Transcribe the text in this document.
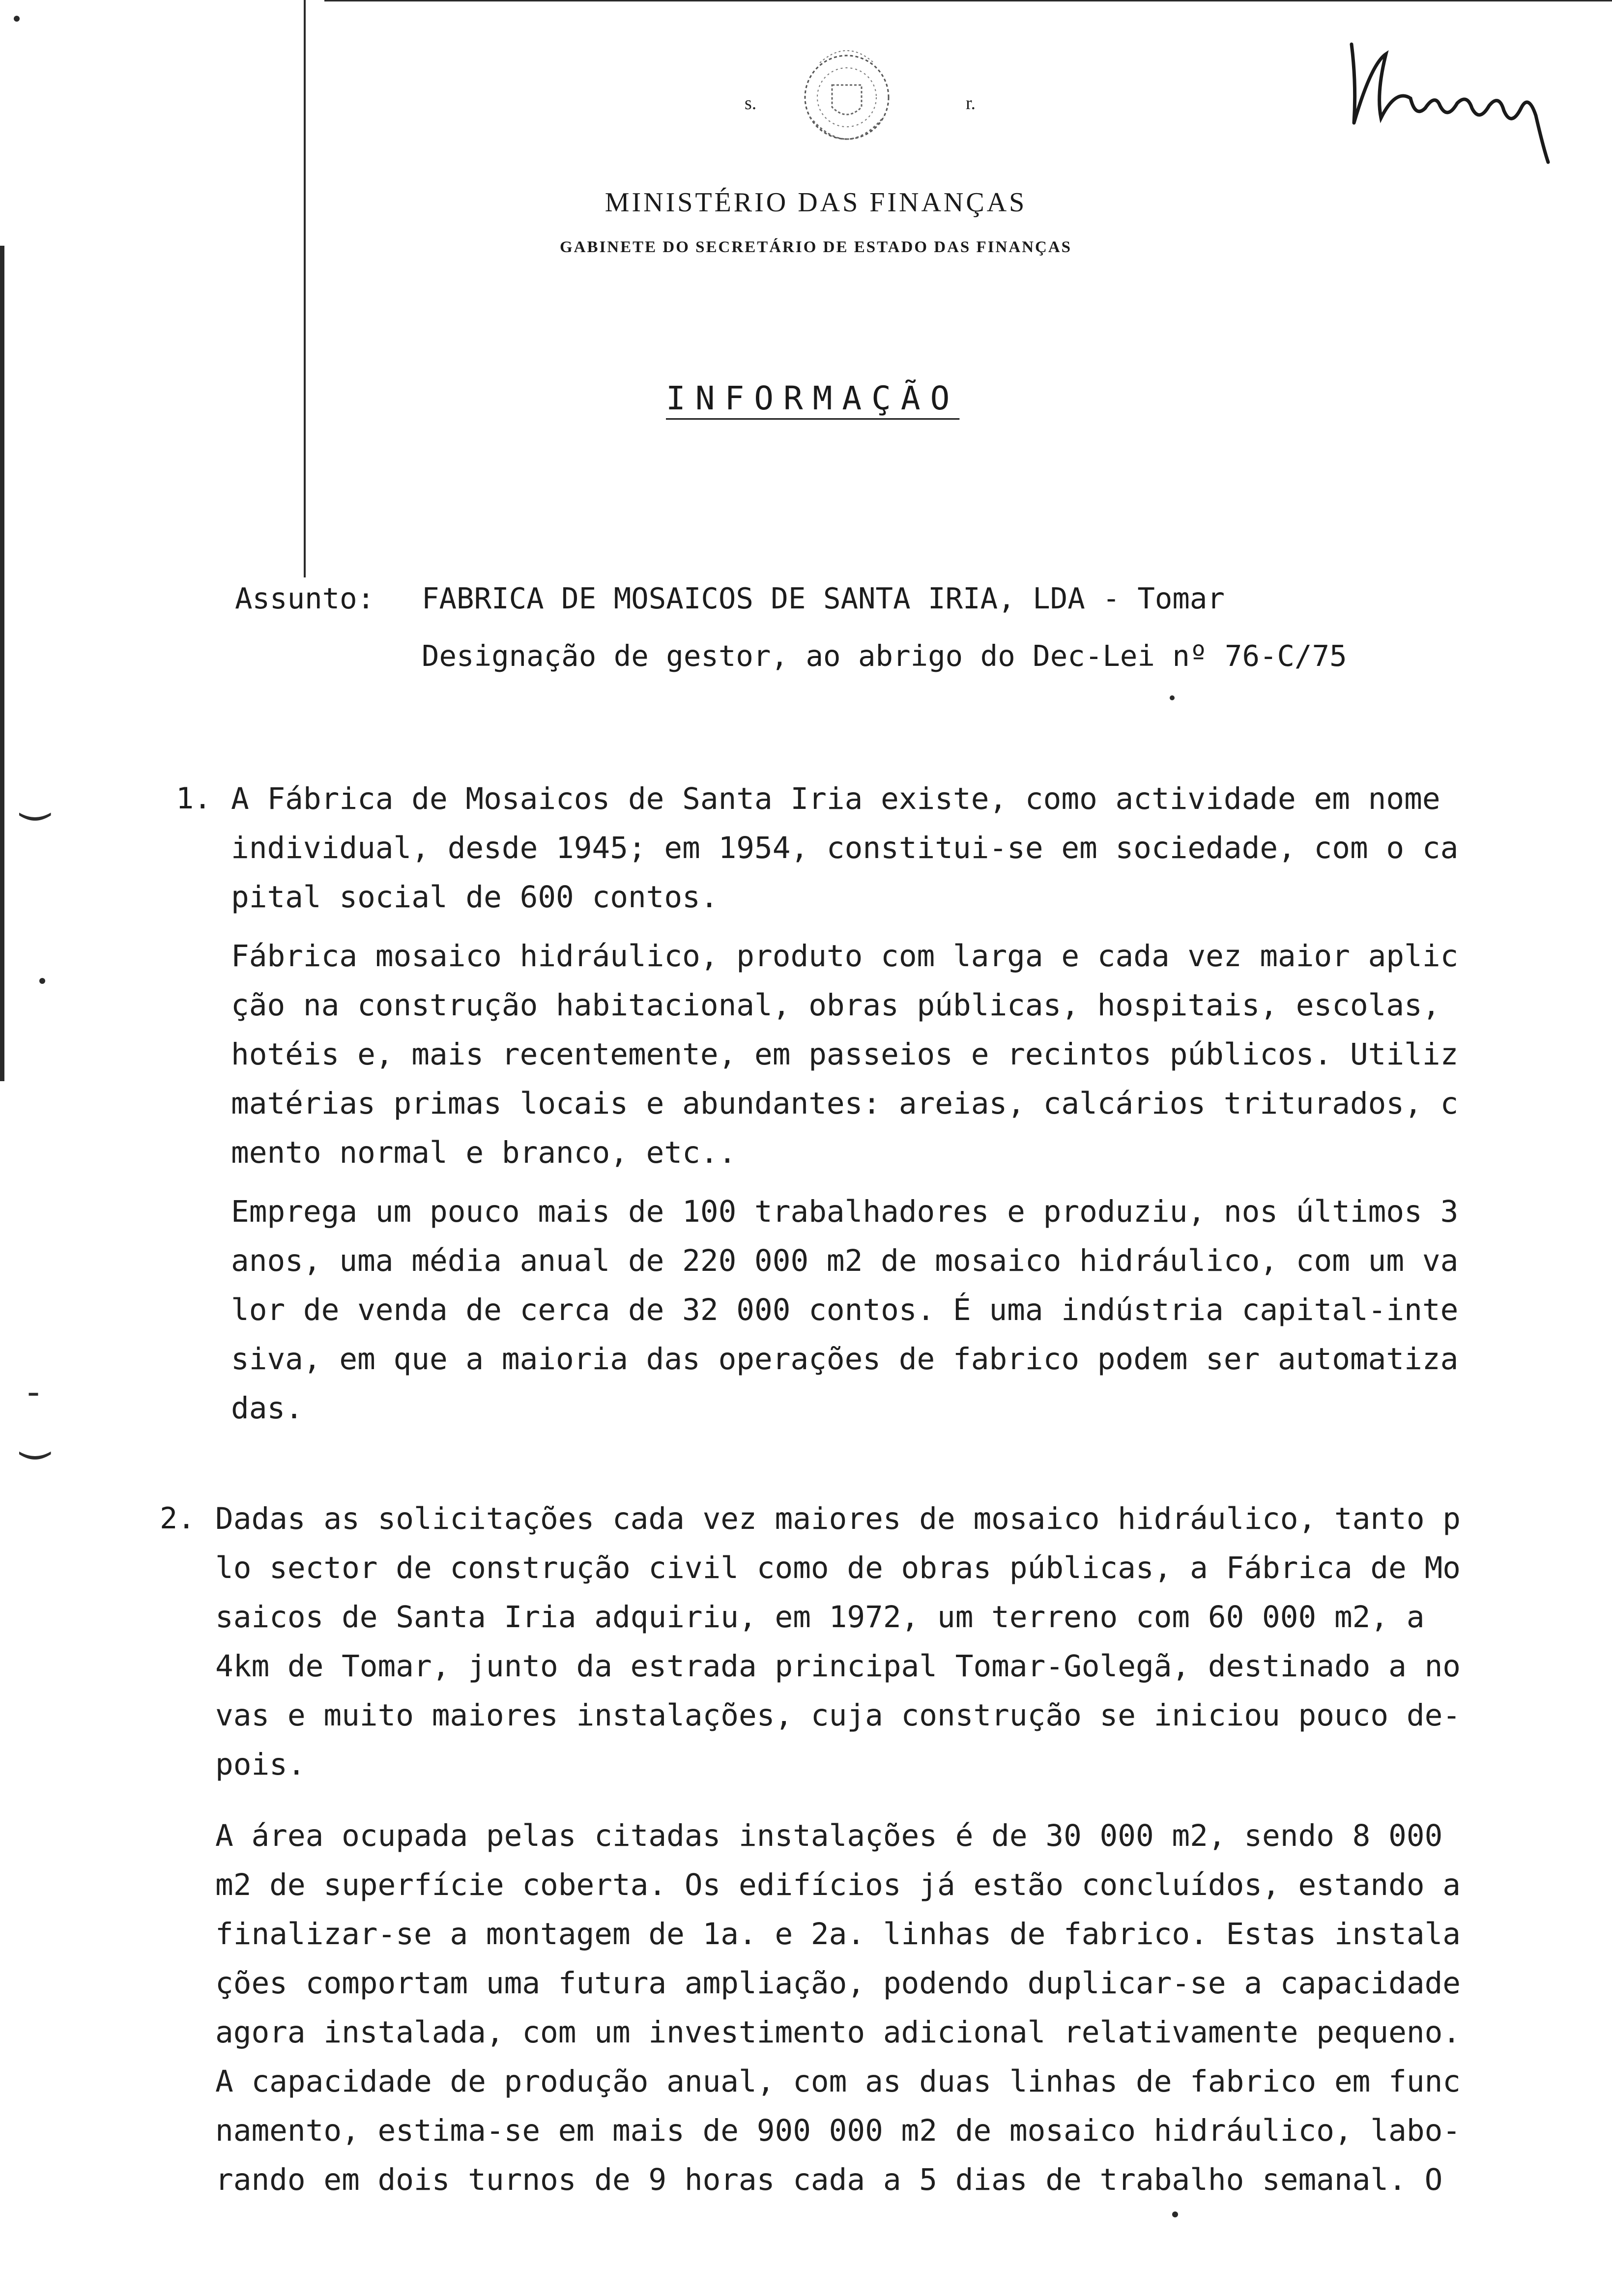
(
(
-
s.	r.
MINISTÉRIO DAS FINANÇAS
GABINETE DO SECRETÁRIO DE ESTADO DAS FINANÇAS
INFORMAÇÃO
Assunto: FABRICA DE MOSAICOS DE SANTA IRIA, LDA - Tomar
Designação de gestor, ao abrigo do Dec-Lei nº 76-C/75
1. A Fábrica de Mosaicos de Santa Iria existe, como actividade em nome
individual, desde 1945; em 1954, constitui-se em sociedade, com o ca
pital social de 600 contos.
Fábrica mosaico hidráulico, produto com larga e cada vez maior aplic
ção na construção habitacional, obras públicas, hospitais, escolas,
hotéis e, mais recentemente, em passeios e recintos públicos. Utiliz
matérias primas locais e abundantes: areias, calcários triturados, c
mento normal e branco, etc..
Emprega um pouco mais de 100 trabalhadores e produziu, nos últimos 3
anos, uma média anual de 220 000 m2 de mosaico hidráulico, com um va
lor de venda de cerca de 32 000 contos. É uma indústria capital-inte
siva, em que a maioria das operações de fabrico podem ser automatiza
das.
2. Dadas as solicitações cada vez maiores de mosaico hidráulico, tanto p
lo sector de construção civil como de obras públicas, a Fábrica de Mo
saicos de Santa Iria adquiriu, em 1972, um terreno com 60 000 m2, a
4km de Tomar, junto da estrada principal Tomar-Golegã, destinado a no
vas e muito maiores instalações, cuja construção se iniciou pouco de-
pois.
A área ocupada pelas citadas instalações é de 30 000 m2, sendo 8 000
m2 de superfície coberta. Os edifícios já estão concluídos, estando a
finalizar-se a montagem de 1a. e 2a. linhas de fabrico. Estas instala
ções comportam uma futura ampliação, podendo duplicar-se a capacidade
agora instalada, com um investimento adicional relativamente pequeno.
A capacidade de produção anual, com as duas linhas de fabrico em func
namento, estima-se em mais de 900 000 m2 de mosaico hidráulico, labo-
rando em dois turnos de 9 horas cada a 5 dias de trabalho semanal. O
